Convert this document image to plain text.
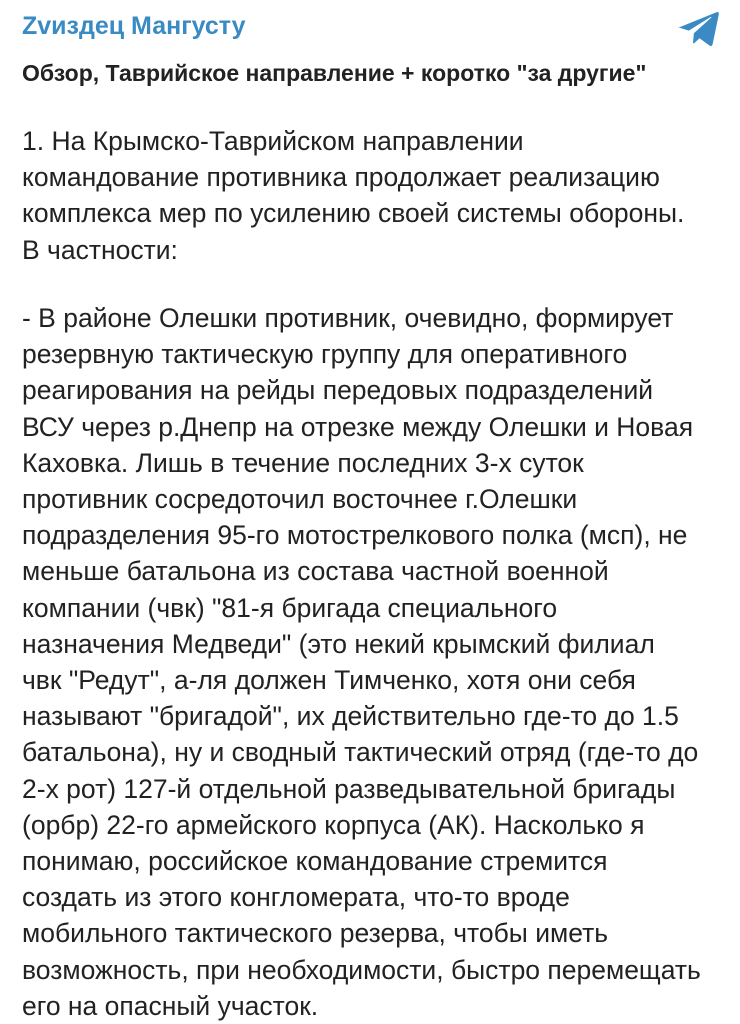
Zvиздец Мангусту
Обзор, Таврийское направление + коротко "за другие"
1. На Крымско-Таврийском направлении
командование противника продолжает реализацию
комплекса мер по усилению своей системы обороны.
В частности:
- В районе Олешки противник, очевидно, формирует
резервную тактическую группу для оперативного
реагирования на рейды передовых подразделений
ВСУ через р.Днепр на отрезке между Олешки и Новая
Каховка. Лишь в течение последних 3-х суток
противник сосредоточил восточнее г.Олешки
подразделения 95-го мотострелкового полка (мсп), не
меньше батальона из состава частной военной
компании (чвк) "81-я бригада специального
назначения Медведи" (это некий крымский филиал
чвк "Редут", а-ля должен Тимченко, хотя они себя
называют "бригадой", их действительно где-то до 1.5
батальона), ну и сводный тактический отряд (где-то до
2-х рот) 127-й отдельной разведывательной бригады
(орбр) 22-го армейского корпуса (АК). Насколько я
понимаю, российское командование стремится
создать из этого конгломерата, что-то вроде
мобильного тактического резерва, чтобы иметь
возможность, при необходимости, быстро перемещать
его на опасный участок.
